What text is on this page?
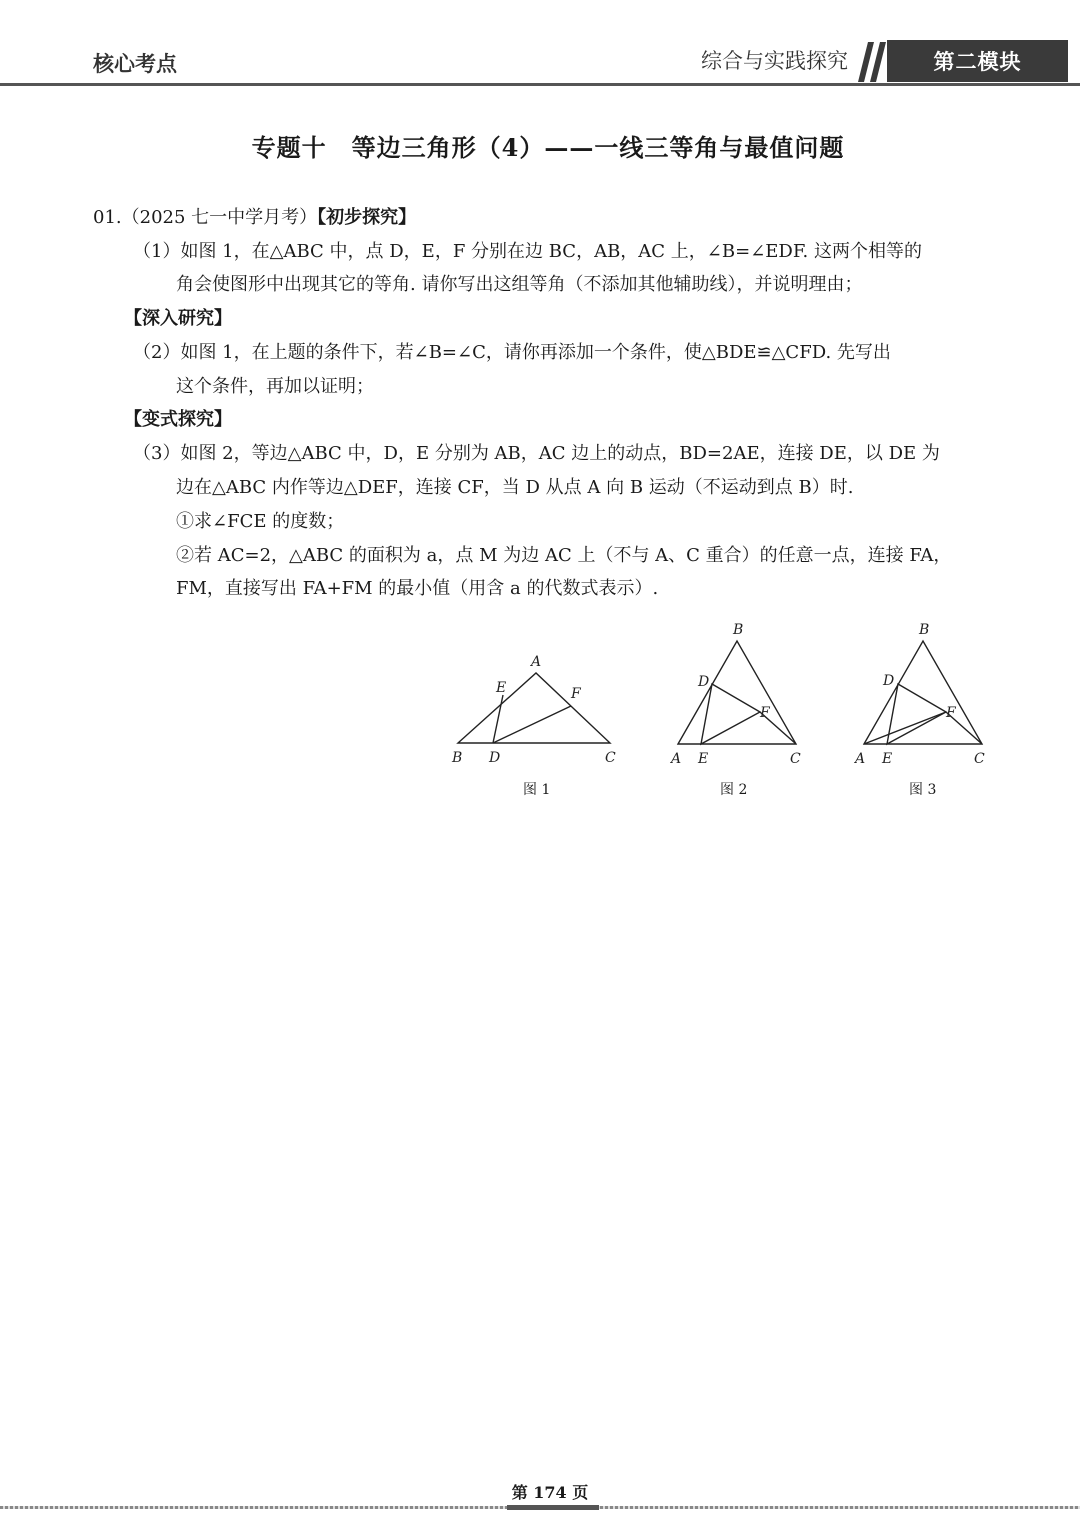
核心考点	综合与实践探究	第二模块
专题十　等边三角形（4）——一线三等角与最值问题
01.（2025 七一中学月考）【初步探究】
（1）如图 1，在△ABC 中，点 D，E，F 分别在边 BC，AB，AC 上，∠B=∠EDF. 这两个相等的
角会使图形中出现其它的等角. 请你写出这组等角（不添加其他辅助线），并说明理由；
【深入研究】
（2）如图 1，在上题的条件下，若∠B=∠C，请你再添加一个条件，使△BDE≌△CFD. 先写出
这个条件，再加以证明；
【变式探究】
（3）如图 2，等边△ABC 中，D，E 分别为 AB，AC 边上的动点，BD=2AE，连接 DE，以 DE 为
边在△ABC 内作等边△DEF，连接 CF，当 D 从点 A 向 B 运动（不运动到点 B）时.
①求∠FCE 的度数；
②若 AC=2，△ABC 的面积为 a，点 M 为边 AC 上（不与 A、C 重合）的任意一点，连接 FA，
FM，直接写出 FA+FM 的最小值（用含 a 的代数式表示）.
A
E	F
B D	C
图 1
B
D
F
A E	C
图 2
B
D
F
A E	C
图 3
第 174 页
